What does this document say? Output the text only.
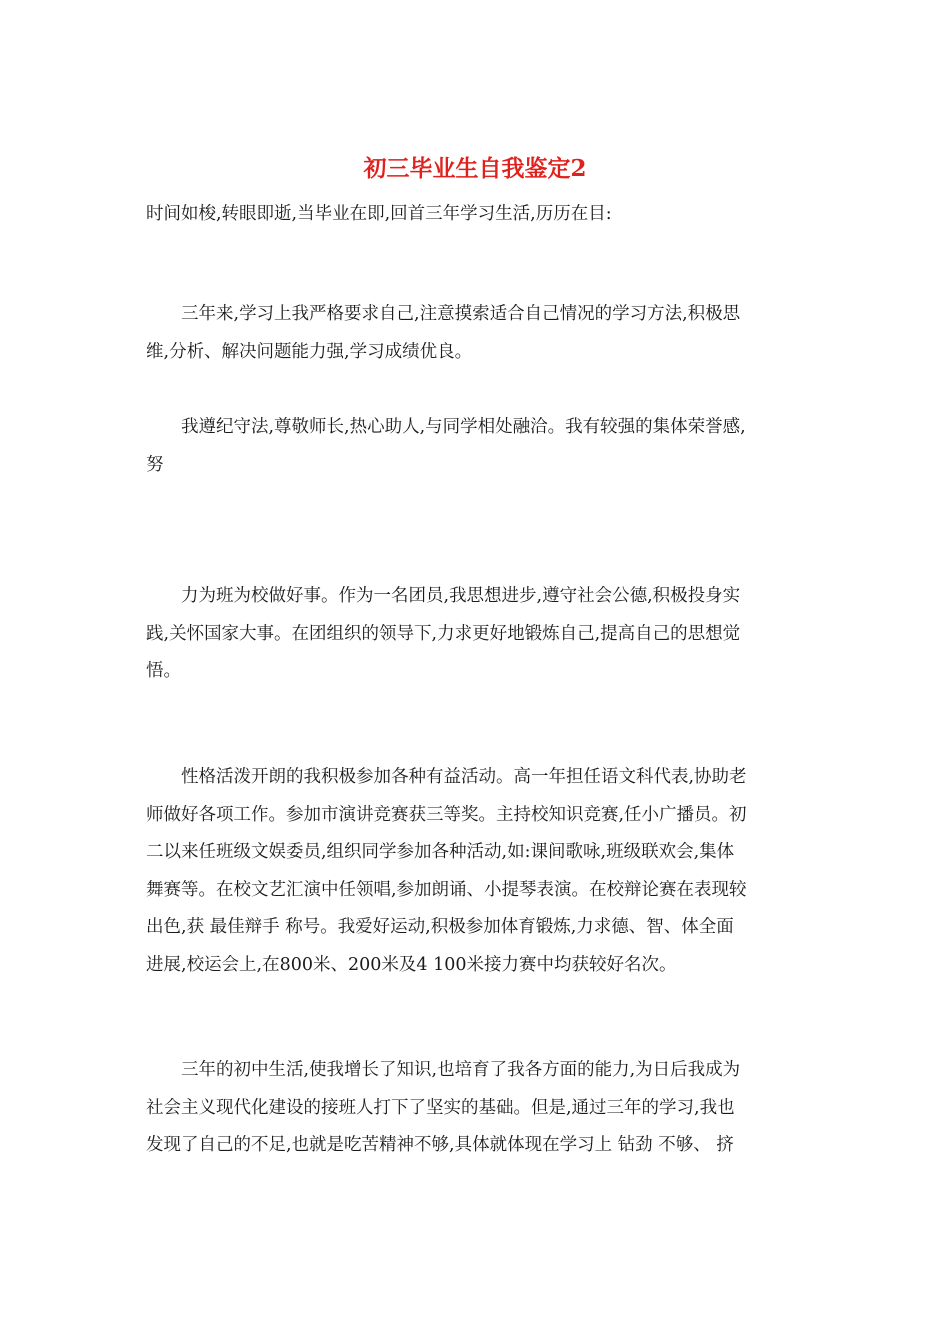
初三毕业生自我鉴定2

时间如梭,转眼即逝,当毕业在即,回首三年学习生活,历历在目:

三年来,学习上我严格要求自己,注意摸索适合自己情况的学习方法,积极思
维,分析、解决问题能力强,学习成绩优良。

我遵纪守法,尊敬师长,热心助人,与同学相处融洽。我有较强的集体荣誉感,
努

力为班为校做好事。作为一名团员,我思想进步,遵守社会公德,积极投身实
践,关怀国家大事。在团组织的领导下,力求更好地锻炼自己,提高自己的思想觉
悟。

性格活泼开朗的我积极参加各种有益活动。高一年担任语文科代表,协助老
师做好各项工作。参加市演讲竞赛获三等奖。主持校知识竞赛,任小广播员。初
二以来任班级文娱委员,组织同学参加各种活动,如:课间歌咏,班级联欢会,集体
舞赛等。在校文艺汇演中任领唱,参加朗诵、小提琴表演。在校辩论赛在表现较
出色,获 最佳辩手 称号。我爱好运动,积极参加体育锻炼,力求德、智、体全面
进展,校运会上,在800米、200米及4 100米接力赛中均获较好名次。

三年的初中生活,使我增长了知识,也培育了我各方面的能力,为日后我成为
社会主义现代化建设的接班人打下了坚实的基础。但是,通过三年的学习,我也
发现了自己的不足,也就是吃苦精神不够,具体就体现在学习上 钻劲 不够、 挤
